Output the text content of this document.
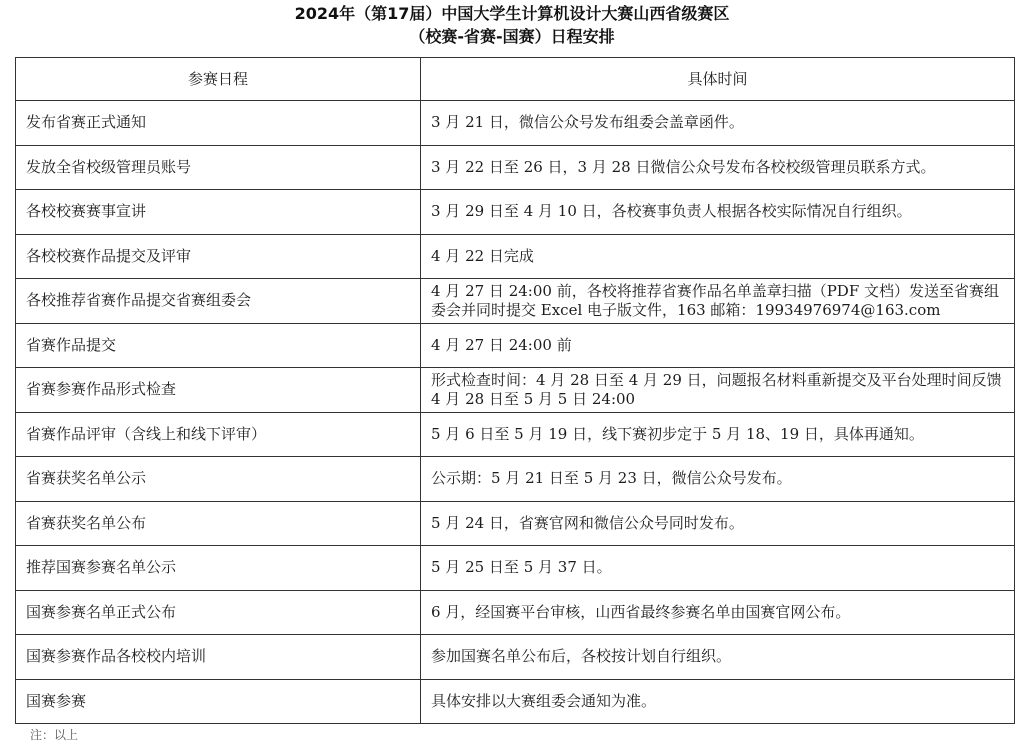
2024年（第17届）中国大学生计算机设计大赛山西省级赛区
（校赛-省赛-国赛）日程安排
参赛日程	具体时间
发布省赛正式通知	3 月 21 日，微信公众号发布组委会盖章函件。
发放全省校级管理员账号	3 月 22 日至 26 日，3 月 28 日微信公众号发布各校校级管理员联系方式。
各校校赛赛事宣讲	3 月 29 日至 4 月 10 日，各校赛事负责人根据各校实际情况自行组织。
各校校赛作品提交及评审	4 月 22 日完成
各校推荐省赛作品提交省赛组委会	4 月 27 日 24:00 前，各校将推荐省赛作品名单盖章扫描（PDF 文档）发送至省赛组委会并同时提交 Excel 电子版文件，163 邮箱：19934976974@163.com
省赛作品提交	4 月 27 日 24:00 前
省赛参赛作品形式检查	形式检查时间：4 月 28 日至 4 月 29 日，问题报名材料重新提交及平台处理时间反馈 4 月 28 日至 5 月 5 日 24:00
省赛作品评审（含线上和线下评审）	5 月 6 日至 5 月 19 日，线下赛初步定于 5 月 18、19 日，具体再通知。
省赛获奖名单公示	公示期：5 月 21 日至 5 月 23 日，微信公众号发布。
省赛获奖名单公布	5 月 24 日，省赛官网和微信公众号同时发布。
推荐国赛参赛名单公示	5 月 25 日至 5 月 37 日。
国赛参赛名单正式公布	6 月，经国赛平台审核，山西省最终参赛名单由国赛官网公布。
国赛参赛作品各校校内培训	参加国赛名单公布后，各校按计划自行组织。
国赛参赛	具体安排以大赛组委会通知为准。
注：以上
